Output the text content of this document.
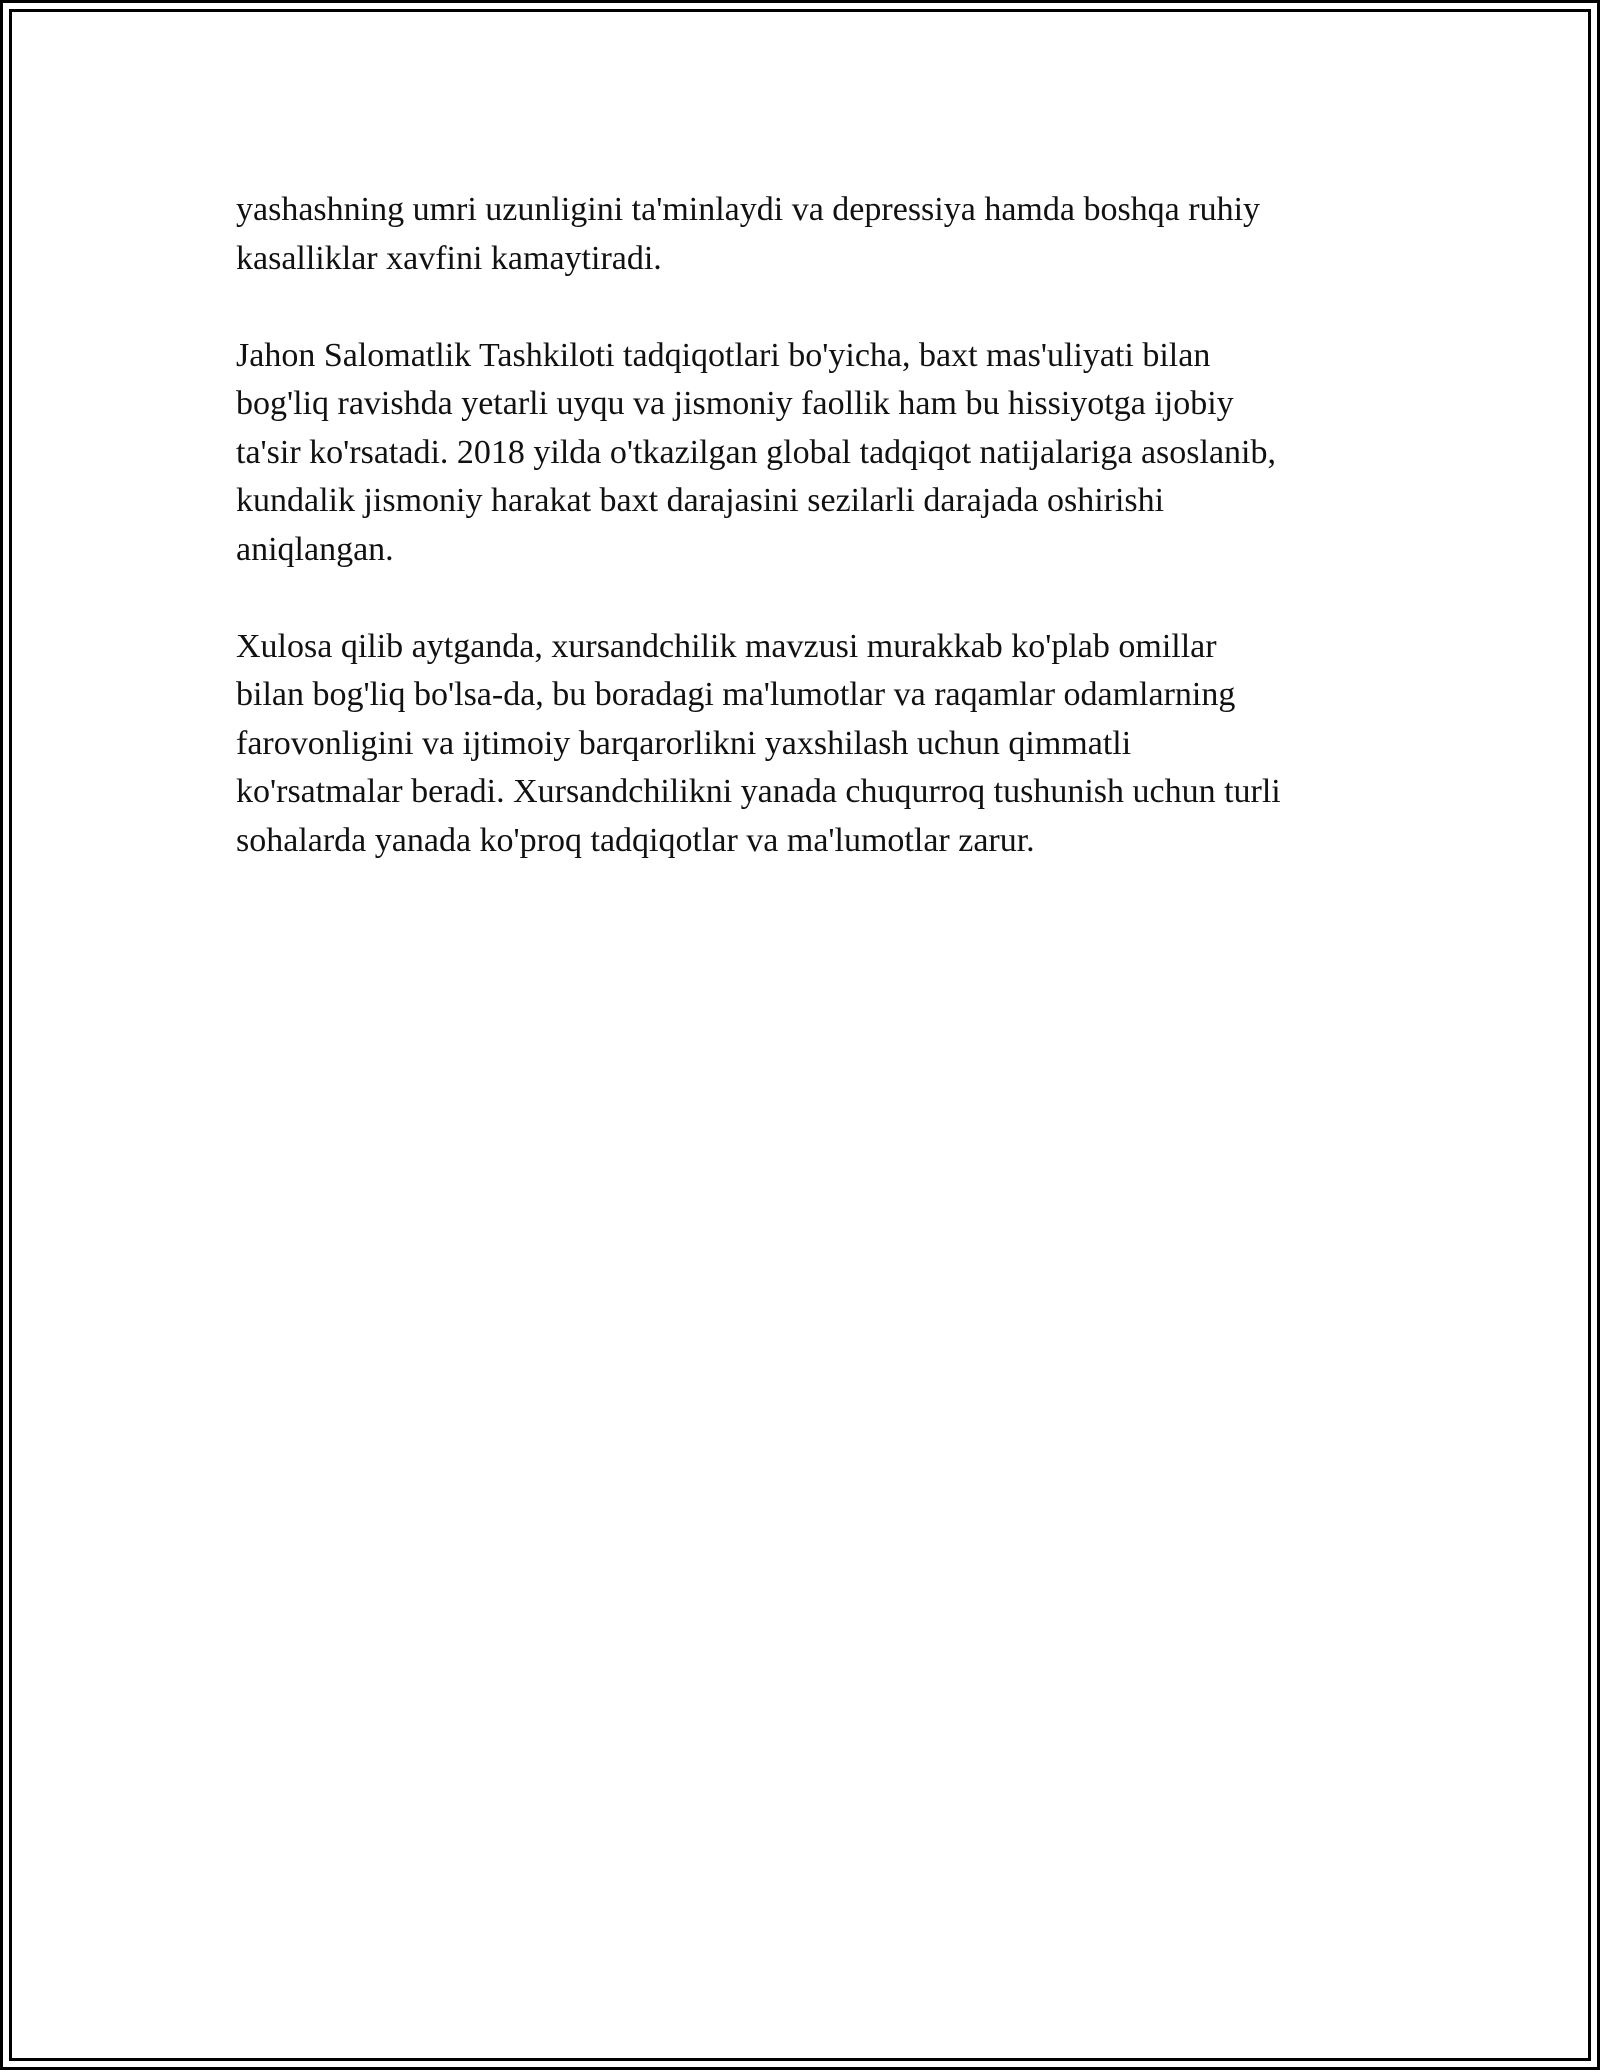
yashashning umri uzunligini ta'minlaydi va depressiya hamda boshqa ruhiy
kasalliklar xavfini kamaytiradi.

Jahon Salomatlik Tashkiloti tadqiqotlari bo'yicha, baxt mas'uliyati bilan
bog'liq ravishda yetarli uyqu va jismoniy faollik ham bu hissiyotga ijobiy
ta'sir ko'rsatadi. 2018 yilda o'tkazilgan global tadqiqot natijalariga asoslanib,
kundalik jismoniy harakat baxt darajasini sezilarli darajada oshirishi
aniqlangan.

Xulosa qilib aytganda, xursandchilik mavzusi murakkab ko'plab omillar
bilan bog'liq bo'lsa-da, bu boradagi ma'lumotlar va raqamlar odamlarning
farovonligini va ijtimoiy barqarorlikni yaxshilash uchun qimmatli
ko'rsatmalar beradi. Xursandchilikni yanada chuqurroq tushunish uchun turli
sohalarda yanada ko'proq tadqiqotlar va ma'lumotlar zarur.
